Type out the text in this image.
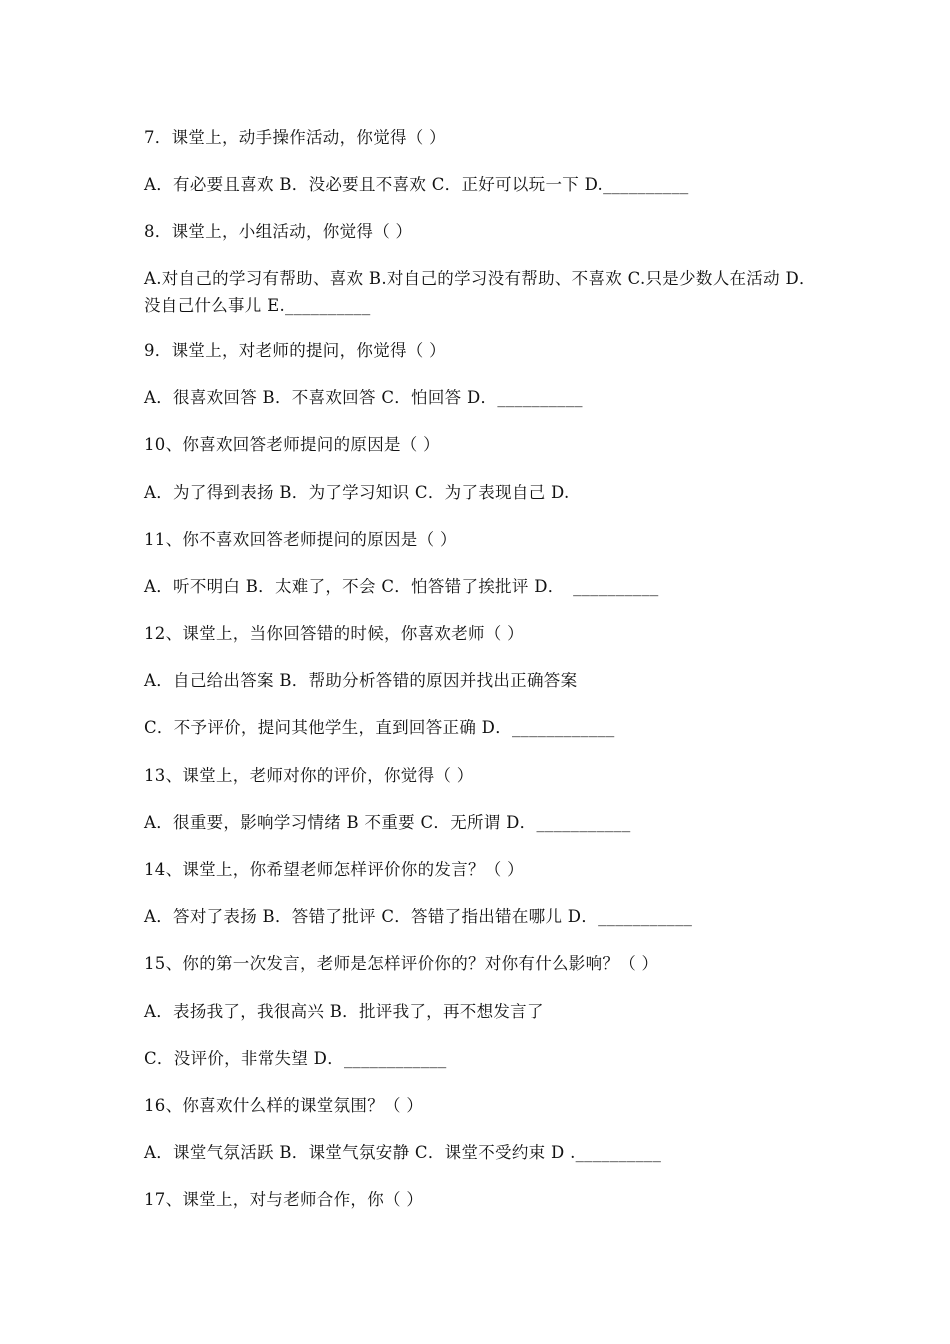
7．课堂上，动手操作活动，你觉得（ ）
A．有必要且喜欢 B．没必要且不喜欢 C．正好可以玩一下 D.__________
8．课堂上，小组活动，你觉得（ ）
A.对自己的学习有帮助、喜欢 B.对自己的学习没有帮助、不喜欢 C.只是少数人在活动 D．没自己什么事儿 E.__________
9．课堂上，对老师的提问，你觉得（ ）
A．很喜欢回答 B．不喜欢回答 C．怕回答 D．__________
10、你喜欢回答老师提问的原因是（ ）
A．为了得到表扬 B．为了学习知识 C．为了表现自己 D.
11、你不喜欢回答老师提问的原因是（ ）
A．听不明白 B．太难了，不会 C．怕答错了挨批评 D．　__________
12、课堂上，当你回答错的时候，你喜欢老师（ ）
A．自己给出答案 B．帮助分析答错的原因并找出正确答案
C．不予评价，提问其他学生，直到回答正确 D．____________
13、课堂上，老师对你的评价，你觉得（ ）
A．很重要，影响学习情绪 B 不重要 C．无所谓 D．___________
14、课堂上，你希望老师怎样评价你的发言？（ ）
A．答对了表扬 B．答错了批评 C．答错了指出错在哪儿 D．___________
15、你的第一次发言，老师是怎样评价你的？对你有什么影响？（ ）
A．表扬我了，我很高兴 B．批评我了，再不想发言了
C．没评价，非常失望 D．____________
16、你喜欢什么样的课堂氛围？（ ）
A．课堂气氛活跃 B．课堂气氛安静 C．课堂不受约束 D .__________
17、课堂上，对与老师合作，你（ ）
